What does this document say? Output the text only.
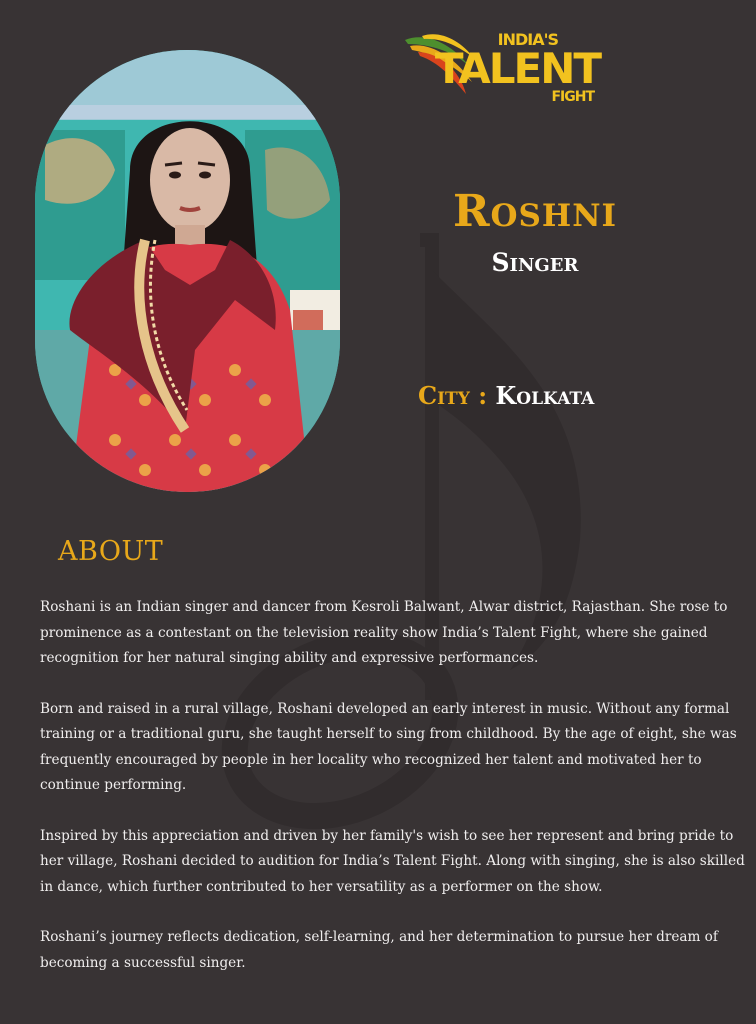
INDIA'S
TALENT
FIGHT
Roshni
Singer
City : Kolkata
ABOUT

Roshani is an Indian singer and dancer from Kesroli Balwant, Alwar district, Rajasthan. She rose to prominence as a contestant on the television reality show India’s Talent Fight, where she gained recognition for her natural singing ability and expressive performances.

Born and raised in a rural village, Roshani developed an early interest in music. Without any formal training or a traditional guru, she taught herself to sing from childhood. By the age of eight, she was frequently encouraged by people in her locality who recognized her talent and motivated her to continue performing.

Inspired by this appreciation and driven by her family's wish to see her represent and bring pride to her village, Roshani decided to audition for India’s Talent Fight. Along with singing, she is also skilled in dance, which further contributed to her versatility as a performer on the show.

Roshani’s journey reflects dedication, self-learning, and her determination to pursue her dream of becoming a successful singer.
